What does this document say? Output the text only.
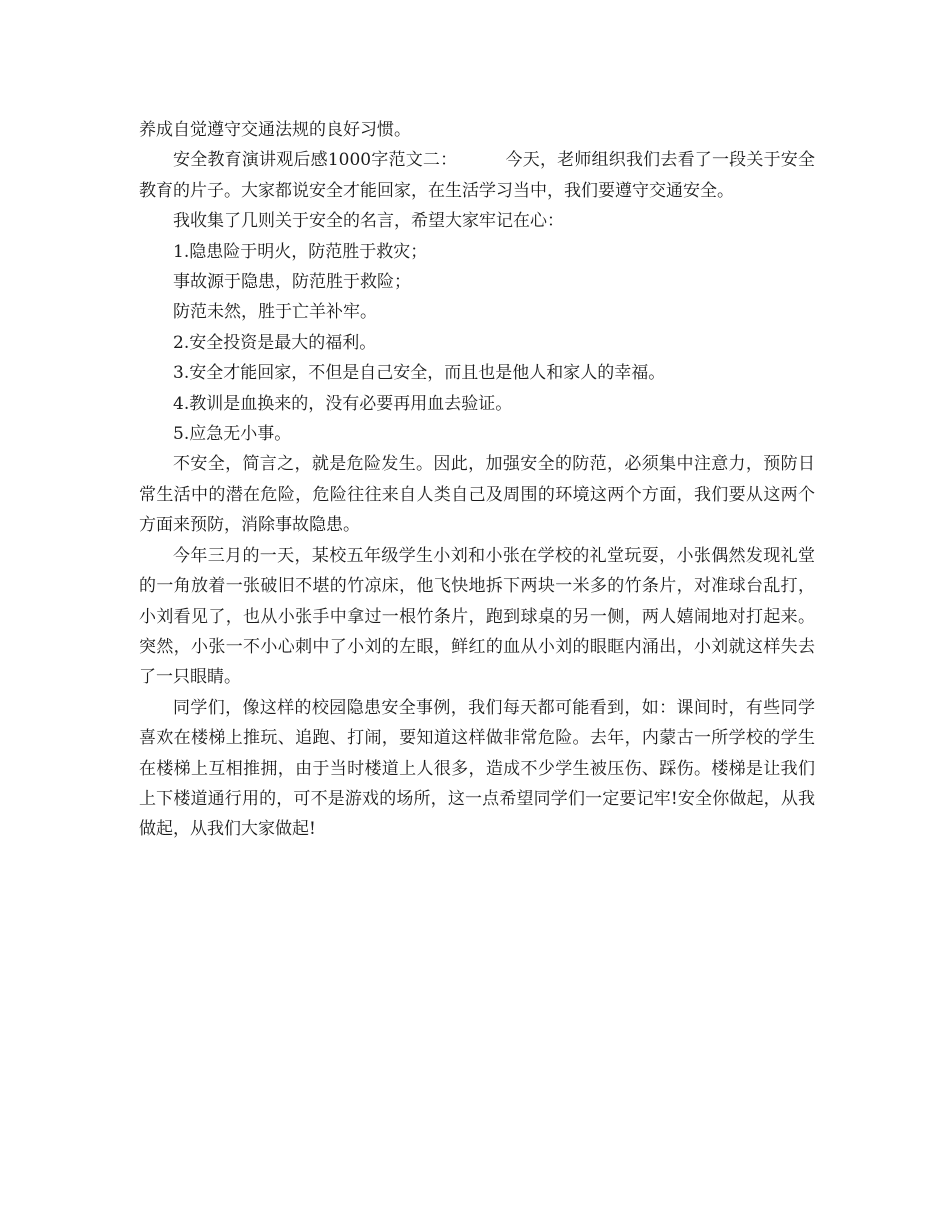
养成自觉遵守交通法规的良好习惯。

安全教育演讲观后感1000字范文二：	今天，老师组织我们去看了一段关于安全教育的片子。大家都说安全才能回家，在生活学习当中，我们要遵守交通安全。

我收集了几则关于安全的名言，希望大家牢记在心：

1.隐患险于明火，防范胜于救灾；

事故源于隐患，防范胜于救险；

防范未然，胜于亡羊补牢。

2.安全投资是最大的福利。

3.安全才能回家，不但是自己安全，而且也是他人和家人的幸福。

4.教训是血换来的，没有必要再用血去验证。

5.应急无小事。

不安全，简言之，就是危险发生。因此，加强安全的防范，必须集中注意力，预防日常生活中的潜在危险，危险往往来自人类自己及周围的环境这两个方面，我们要从这两个方面来预防，消除事故隐患。

今年三月的一天，某校五年级学生小刘和小张在学校的礼堂玩耍，小张偶然发现礼堂的一角放着一张破旧不堪的竹凉床，他飞快地拆下两块一米多的竹条片，对准球台乱打，小刘看见了，也从小张手中拿过一根竹条片，跑到球桌的另一侧，两人嬉闹地对打起来。突然，小张一不小心刺中了小刘的左眼，鲜红的血从小刘的眼眶内涌出，小刘就这样失去了一只眼睛。

同学们，像这样的校园隐患安全事例，我们每天都可能看到，如：课间时，有些同学喜欢在楼梯上推玩、追跑、打闹，要知道这样做非常危险。去年，内蒙古一所学校的学生在楼梯上互相推拥，由于当时楼道上人很多，造成不少学生被压伤、踩伤。楼梯是让我们上下楼道通行用的，可不是游戏的场所，这一点希望同学们一定要记牢!安全你做起，从我做起，从我们大家做起!
